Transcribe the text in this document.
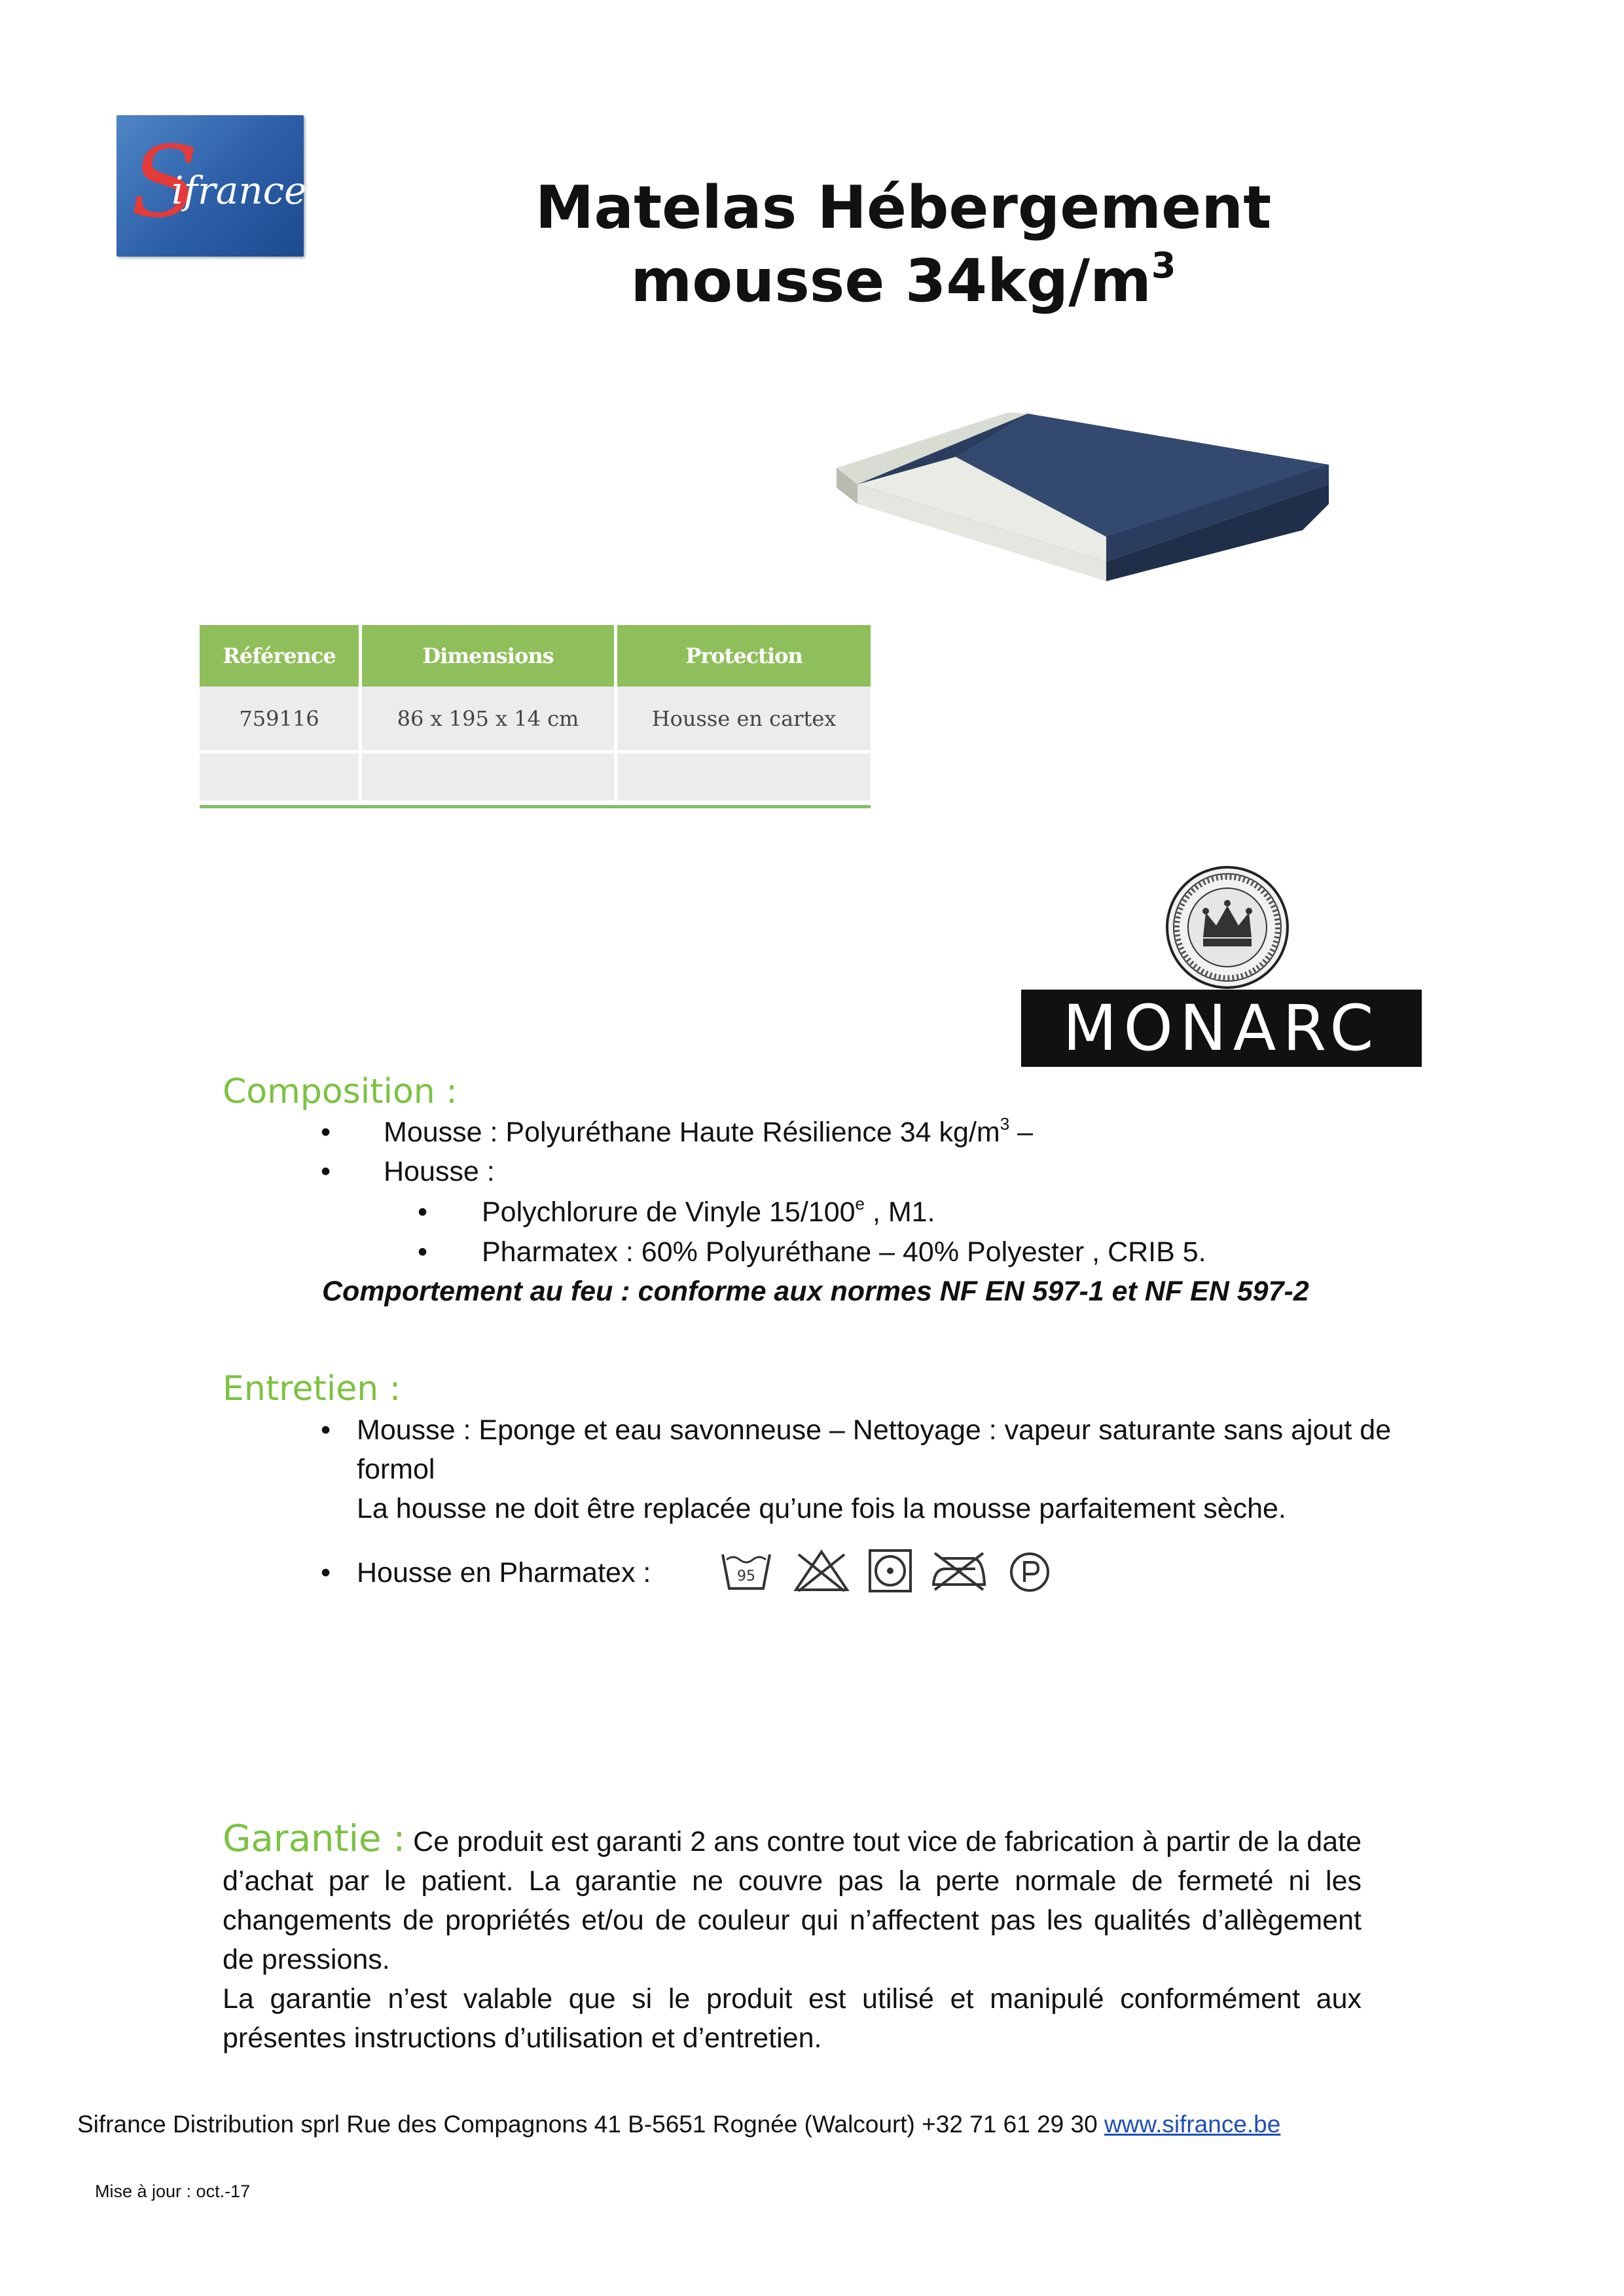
S
ifrance	Matelas Hébergement
mousse $34kg/m^3$
Référence	Dimensions	Protection
759116	86 x 195 x 14 cm	Housse en cartex

MONARC
Composition :
• Mousse : Polyuréthane Haute Résilience 34 $kg/m^3$ –
• Housse :
• Polychlorure de Vinyle 15/100e , M1.
• Pharmatex : 60% Polyuréthane – 40% Polyester , CRIB 5.
Comportement au feu : conforme aux normes NF EN 597-1 et NF EN 597-2
Entretien :
• Mousse : Eponge et eau savonneuse – Nettoyage : vapeur saturante sans ajout de
formol
La housse ne doit être replacée qu’une fois la mousse parfaitement sèche.
• Housse en Pharmatex :	95
Garantie : Ce produit est garanti 2 ans contre tout vice de fabrication à partir de la date d’achat par le patient. La garantie ne couvre pas la perte normale de fermeté ni les changements de propriétés et/ou de couleur qui n’affectent pas les qualités d’allègement de pressions.
La garantie n’est valable que si le produit est utilisé et manipulé conformément aux présentes instructions d’utilisation et d’entretien.
Sifrance Distribution sprl Rue des Compagnons 41 B-5651 Rognée (Walcourt) +32 71 61 29 30 www.sifrance.be
Mise à jour : oct.-17
